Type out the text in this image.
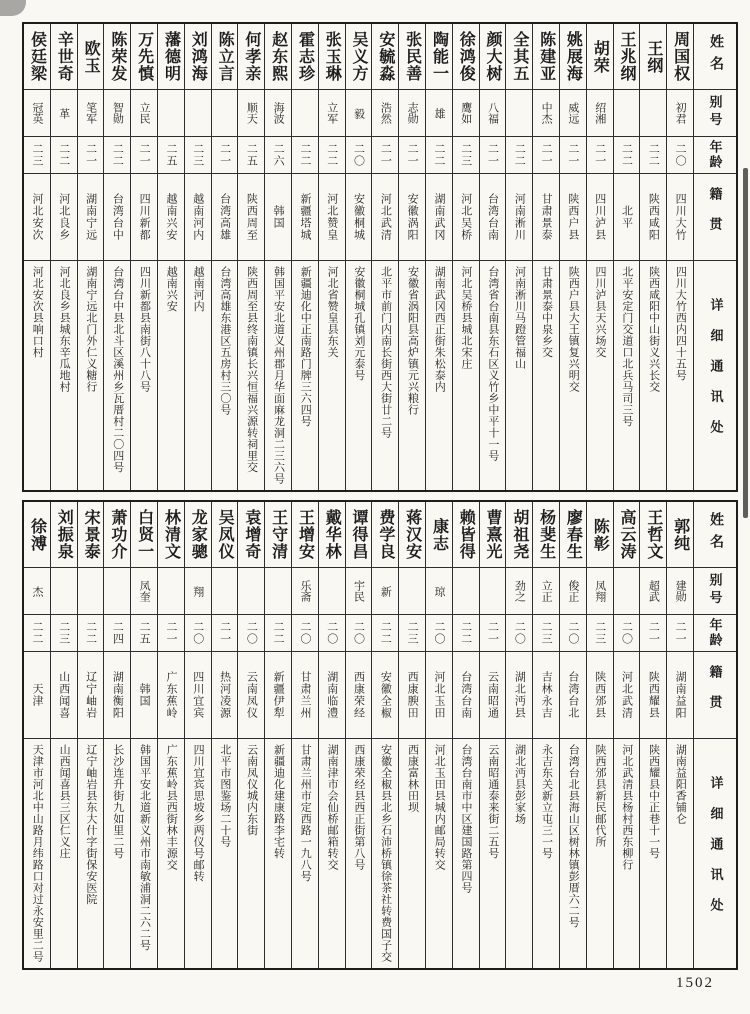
姓名
别号
年龄
籍贯
详细通讯处
周国权
初君
二〇
四川大竹
四川大竹西内四十五号
王纲
二二
陕西咸阳
陕西咸阳中山街义兴长交
王兆纲
二二
北平
北平安定门交道口北兵马司三号
胡荣
绍湘
二一
四川泸县
四川泸县天兴场交
姚展海
威远
二一
陕西户县
陕西户县大王镇复兴明交
陈建亚
中杰
二一
甘肃景泰
甘肃景泰中泉乡交
全其五
二二
河南淅川
河南淅川马蹬管福山
颜大树
八福
二一
台湾台南
台湾省台南县东石区义竹乡中平十一号
徐鸿俊
鹰如
二三
河北吴桥
河北吴桥县城北宋庄
陶能一
雄
二二
湖南武冈
湖南武冈西正街朱松泰内
张民善
志勋
二一
安徽涡阳
安徽省涡阳县高炉镇元兴粮行
安毓淼
浩然
二一
河北武清
北平市前门内南长街西大街廿二号
吴义方
毅
二〇
安徽桐城
安徽桐城孔镇刘元泰号
张玉琳
立军
二二
河北赞皇
河北省赞皇县东关
霍志珍
二二
新疆塔城
新疆迪化中正南路门牌三六四号
赵东熙
海波
二六
韩国
韩国平安北道义州郡月华面麻龙洞二三六号
何孝亲
顺天
二五
陕西周至
陕西周至县终南镇长兴恒福兴源转祠里交
陈立言
二一
台湾高雄
台湾高雄东港区五房村三〇号
刘鸿海
二三
越南河内
越南河内
藩德明
二五
越南兴安
越南兴安
万先慎
立民
二一
四川新都
四川新都县南街八十八号
陈荣发
智勋
二二
台湾台中
台湾台中县北斗区溪州乡瓦厝村二〇四号
欧玉
笔军
二一
湖南宁远
湖南宁远北门外仁义糖行
辛世奇
革
二二
河北良乡
河北良乡县城东辛瓜地村
侯廷梁
冠英
二三
河北安次
河北安次县响口村
姓名
别号
年龄
籍贯
详细通讯处
郭纯
建勋
二一
湖南益阳
湖南益阳香铺仑
王哲文
超武
二一
陕西耀县
陕西耀县中正巷十一号
高云涛
二〇
河北武清
河北武清县杨村西东柳行
陈彰
凤翔
二三
陕西邠县
陕西邠县新民邮代所
廖春生
俊正
二〇
台湾台北
台湾台北县海山区树林镇彭厝六二号
杨斐生
立正
二三
吉林永吉
永吉东关新立屯三一号
胡祖尧
劲之
二〇
湖北沔县
湖北沔县彭家场
曹熹光
二一
云南昭通
云南昭通泰来街二五号
赖皆得
二二
台湾台南
台湾台南市中区建国路第四号
康志
琼
二〇
河北玉田
河北玉田县城内邮局转交
蒋汉安
二三
西康腴田
西康富林田坝
费学良
新
二二
安徽全椒
安徽全椒县北乡石沛桥镇徐茶社转费国子交
谭得昌
宇民
二〇
西康荣经
西康荣经县西正街第八号
戴华林
二〇
湖南临澧
湖南津市会仙桥邮箱转交
王增安
乐斋
二〇
甘肃兰州
甘肃兰州市定西路一九八号
王守清
二二
新疆伊犁
新疆迪化建康路李宅转
袁增奇
二〇
云南凤仪
云南凤仪城内东街
吴凤仪
二一
热河凌源
北平市图鉴场二十号
龙家骢
翔
二〇
四川宜宾
四川宜宾思坡乡两仪号邮转
林清文
二一
广东蕉岭
广东蕉岭县西街林丰源交
白贤一
凤奎
二五
韩国
韩国平安北道新义州市南敏浦洞二六二号
萧功介
二四
湖南衡阳
长沙连升街九如里二号
宋景泰
二二
辽宁岫岩
辽宁岫岩县东大什字街保安医院
刘振泉
二三
山西闻喜
山西闻喜县三区仁义庄
徐溥
杰
二二
天津
天津市河北中山路月纬路口对过永安里二号
1502
